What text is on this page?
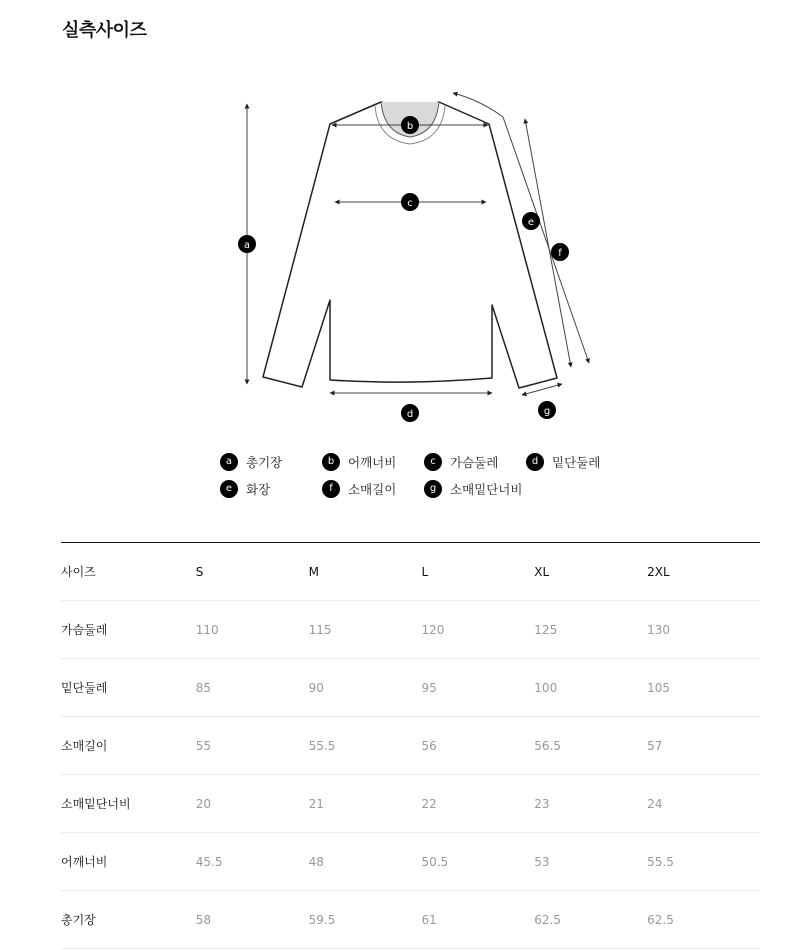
실측사이즈
a
b
c
d
e
f
g
a	총기장	b	어깨너비	c	가슴둘레	d	밑단둘레
e	화장	f	소매길이	g	소매밑단너비
사이즈	S	M	L	XL	2XL
가슴둘레	110	115	120	125	130
밑단둘레	85	90	95	100	105
소매길이	55	55.5	56	56.5	57
소매밑단너비	20	21	22	23	24
어깨너비	45.5	48	50.5	53	55.5
총기장	58	59.5	61	62.5	62.5
